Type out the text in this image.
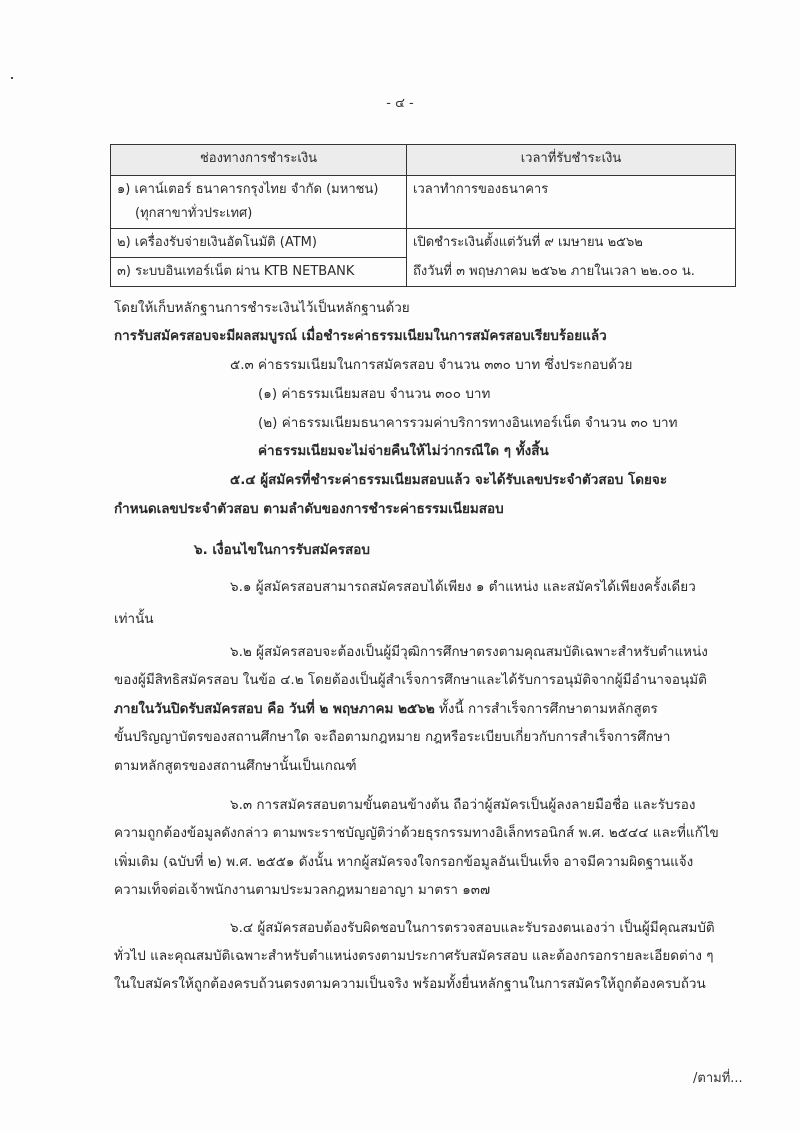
- ๔ -
ช่องทางการชำระเงิน	เวลาที่รับชำระเงิน

๑) เคาน์เตอร์ ธนาคารกรุงไทย จำกัด (มหาชน)
(ทุกสาขาทั่วประเทศ)	เวลาทำการของธนาคาร
๒) เครื่องรับจ่ายเงินอัตโนมัติ (ATM)	เปิดชำระเงินตั้งแต่วันที่ ๙ เมษายน ๒๕๖๒
๓) ระบบอินเทอร์เน็ต ผ่าน KTB NETBANK	ถึงวันที่ ๓ พฤษภาคม ๒๕๖๒ ภายในเวลา ๒๒.๐๐ น.
โดยให้เก็บหลักฐานการชำระเงินไว้เป็นหลักฐานด้วย
การรับสมัครสอบจะมีผลสมบูรณ์ เมื่อชำระค่าธรรมเนียมในการสมัครสอบเรียบร้อยแล้ว
๕.๓ ค่าธรรมเนียมในการสมัครสอบ จำนวน ๓๓๐ บาท ซึ่งประกอบด้วย
(๑) ค่าธรรมเนียมสอบ จำนวน ๓๐๐ บาท
(๒) ค่าธรรมเนียมธนาคารรวมค่าบริการทางอินเทอร์เน็ต จำนวน ๓๐ บาท
ค่าธรรมเนียมจะไม่จ่ายคืนให้ไม่ว่ากรณีใด ๆ ทั้งสิ้น
๕.๔ ผู้สมัครที่ชำระค่าธรรมเนียมสอบแล้ว จะได้รับเลขประจำตัวสอบ โดยจะ
กำหนดเลขประจำตัวสอบ ตามลำดับของการชำระค่าธรรมเนียมสอบ
๖. เงื่อนไขในการรับสมัครสอบ
๖.๑ ผู้สมัครสอบสามารถสมัครสอบได้เพียง ๑ ตำแหน่ง และสมัครได้เพียงครั้งเดียว
เท่านั้น
๖.๒ ผู้สมัครสอบจะต้องเป็นผู้มีวุฒิการศึกษาตรงตามคุณสมบัติเฉพาะสำหรับตำแหน่ง
ของผู้มีสิทธิสมัครสอบ ในข้อ ๔.๒ โดยต้องเป็นผู้สำเร็จการศึกษาและได้รับการอนุมัติจากผู้มีอำนาจอนุมัติ
ภายในวันปิดรับสมัครสอบ คือ วันที่ ๒ พฤษภาคม ๒๕๖๒ ทั้งนี้ การสำเร็จการศึกษาตามหลักสูตร
ขั้นปริญญาบัตรของสถานศึกษาใด จะถือตามกฎหมาย กฎหรือระเบียบเกี่ยวกับการสำเร็จการศึกษา
ตามหลักสูตรของสถานศึกษานั้นเป็นเกณฑ์
๖.๓ การสมัครสอบตามขั้นตอนข้างต้น ถือว่าผู้สมัครเป็นผู้ลงลายมือชื่อ และรับรอง
ความถูกต้องข้อมูลดังกล่าว ตามพระราชบัญญัติว่าด้วยธุรกรรมทางอิเล็กทรอนิกส์ พ.ศ. ๒๕๔๔ และที่แก้ไข
เพิ่มเติม (ฉบับที่ ๒) พ.ศ. ๒๕๕๑ ดังนั้น หากผู้สมัครจงใจกรอกข้อมูลอันเป็นเท็จ อาจมีความผิดฐานแจ้ง
ความเท็จต่อเจ้าพนักงานตามประมวลกฎหมายอาญา มาตรา ๑๓๗
๖.๔ ผู้สมัครสอบต้องรับผิดชอบในการตรวจสอบและรับรองตนเองว่า เป็นผู้มีคุณสมบัติ
ทั่วไป และคุณสมบัติเฉพาะสำหรับตำแหน่งตรงตามประกาศรับสมัครสอบ และต้องกรอกรายละเอียดต่าง ๆ
ในใบสมัครให้ถูกต้องครบถ้วนตรงตามความเป็นจริง พร้อมทั้งยื่นหลักฐานในการสมัครให้ถูกต้องครบถ้วน
/ตามที่...
